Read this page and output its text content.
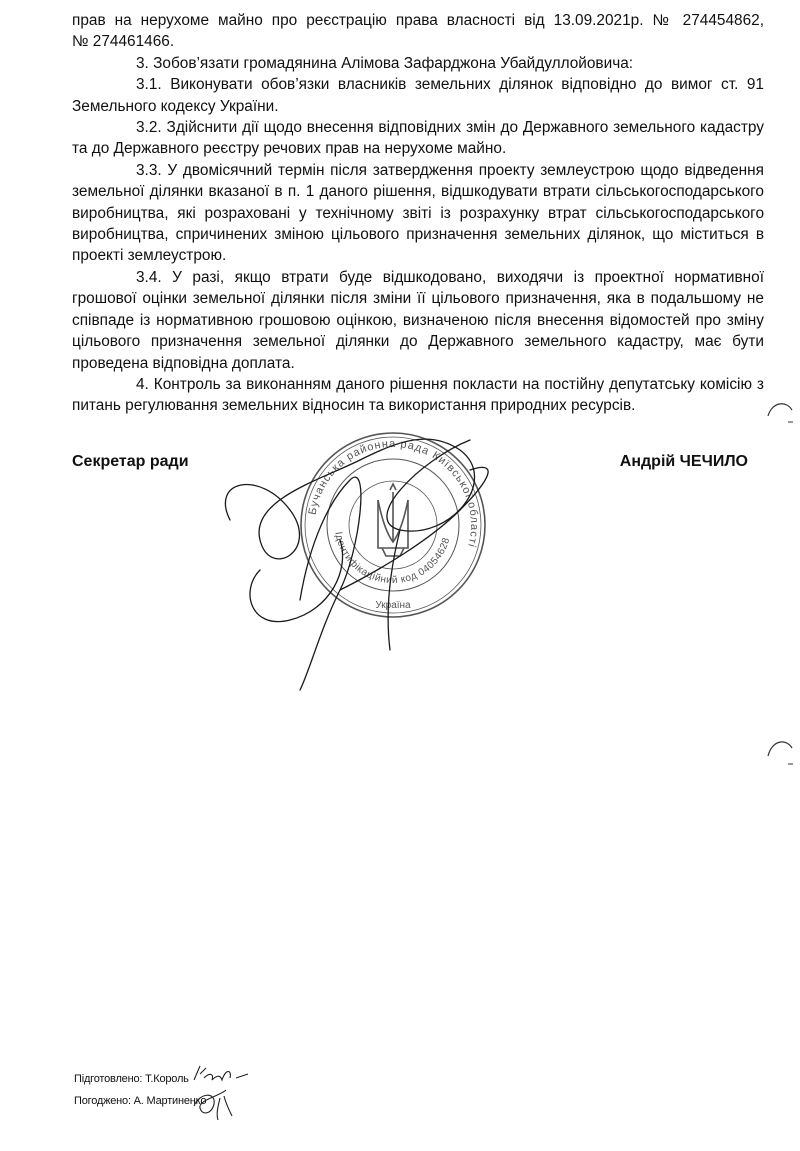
прав на нерухоме майно про реєстрацію права власності від 13.09.2021р. № 274454862,

№ 274461466.

3. Зобов’язати громадянина Алімова Зафарджона Убайдуллойовича:

3.1. Виконувати обов’язки власників земельних ділянок відповідно до вимог ст. 91 Земельного кодексу України.

3.2. Здійснити дії щодо внесення відповідних змін до Державного земельного кадастру та до Державного реєстру речових прав на нерухоме майно.

3.3. У двомісячний термін після затвердження проекту землеустрою щодо відведення земельної ділянки вказаної в п. 1 даного рішення, відшкодувати втрати сільськогосподарського виробництва, які розраховані у технічному звіті із розрахунку втрат сільськогосподарського виробництва, спричинених зміною цільового призначення земельних ділянок, що міститься в проекті землеустрою.

3.4. У разі, якщо втрати буде відшкодовано, виходячи із проектної нормативної грошової оцінки земельної ділянки після зміни її цільового призначення, яка в подальшому не співпаде із нормативною грошовою оцінкою, визначеною після внесення відомостей про зміну цільового призначення земельної ділянки до Державного земельного кадастру, має бути проведена відповідна доплата.

4. Контроль за виконанням даного рішення покласти на постійну депутатську комісію з питань регулювання земельних відносин та використання природних ресурсів.

Секретар ради	Андрій ЧЕЧИЛО
Бучанська районна рада Київської області
Ідентифікаційний код 04054628
Україна
Підготовлено: Т.Король
Погоджено: А. Мартиненко
